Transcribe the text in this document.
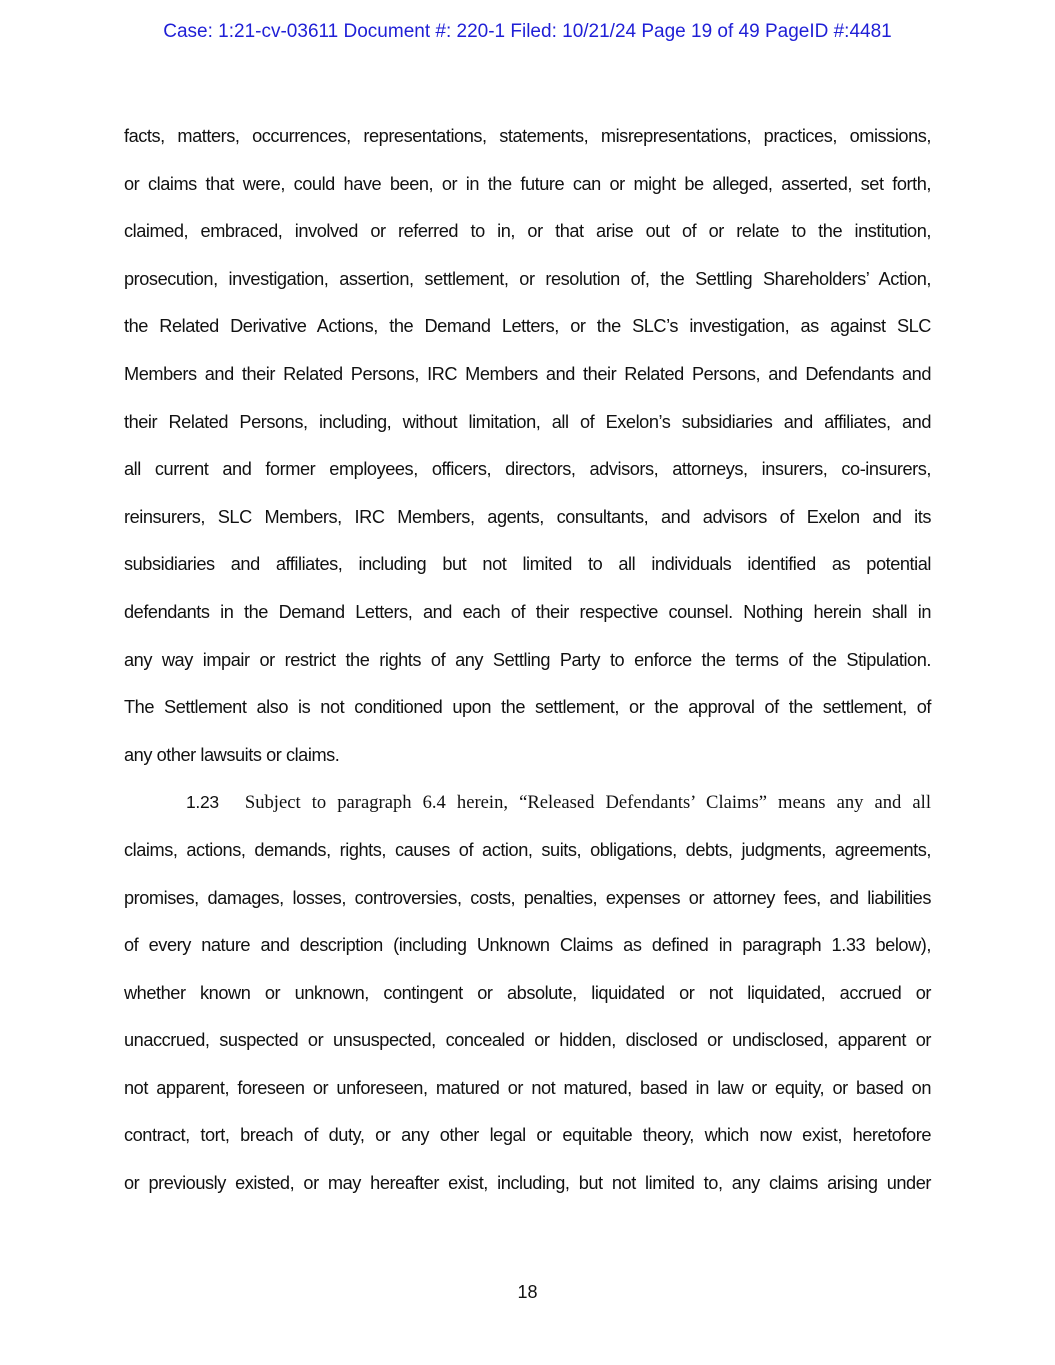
Case: 1:21-cv-03611 Document #: 220-1 Filed: 10/21/24 Page 19 of 49 PageID #:4481
facts, matters, occurrences, representations, statements, misrepresentations, practices, omissions,
or claims that were, could have been, or in the future can or might be alleged, asserted, set forth,
claimed, embraced, involved or referred to in, or that arise out of or relate to the institution,
prosecution, investigation, assertion, settlement, or resolution of, the Settling Shareholders’ Action,
the Related Derivative Actions, the Demand Letters, or the SLC’s investigation, as against SLC
Members and their Related Persons, IRC Members and their Related Persons, and Defendants and
their Related Persons, including, without limitation, all of Exelon’s subsidiaries and affiliates, and
all current and former employees, officers, directors, advisors, attorneys, insurers, co-insurers,
reinsurers, SLC Members, IRC Members, agents, consultants, and advisors of Exelon and its
subsidiaries and affiliates, including but not limited to all individuals identified as potential
defendants in the Demand Letters, and each of their respective counsel. Nothing herein shall in
any way impair or restrict the rights of any Settling Party to enforce the terms of the Stipulation.
The Settlement also is not conditioned upon the settlement, or the approval of the settlement, of
any other lawsuits or claims.
1.23 Subject to paragraph 6.4 herein, “Released Defendants’ Claims” means any and all
claims, actions, demands, rights, causes of action, suits, obligations, debts, judgments, agreements,
promises, damages, losses, controversies, costs, penalties, expenses or attorney fees, and liabilities
of every nature and description (including Unknown Claims as defined in paragraph 1.33 below),
whether known or unknown, contingent or absolute, liquidated or not liquidated, accrued or
unaccrued, suspected or unsuspected, concealed or hidden, disclosed or undisclosed, apparent or
not apparent, foreseen or unforeseen, matured or not matured, based in law or equity, or based on
contract, tort, breach of duty, or any other legal or equitable theory, which now exist, heretofore
or previously existed, or may hereafter exist, including, but not limited to, any claims arising under
18
